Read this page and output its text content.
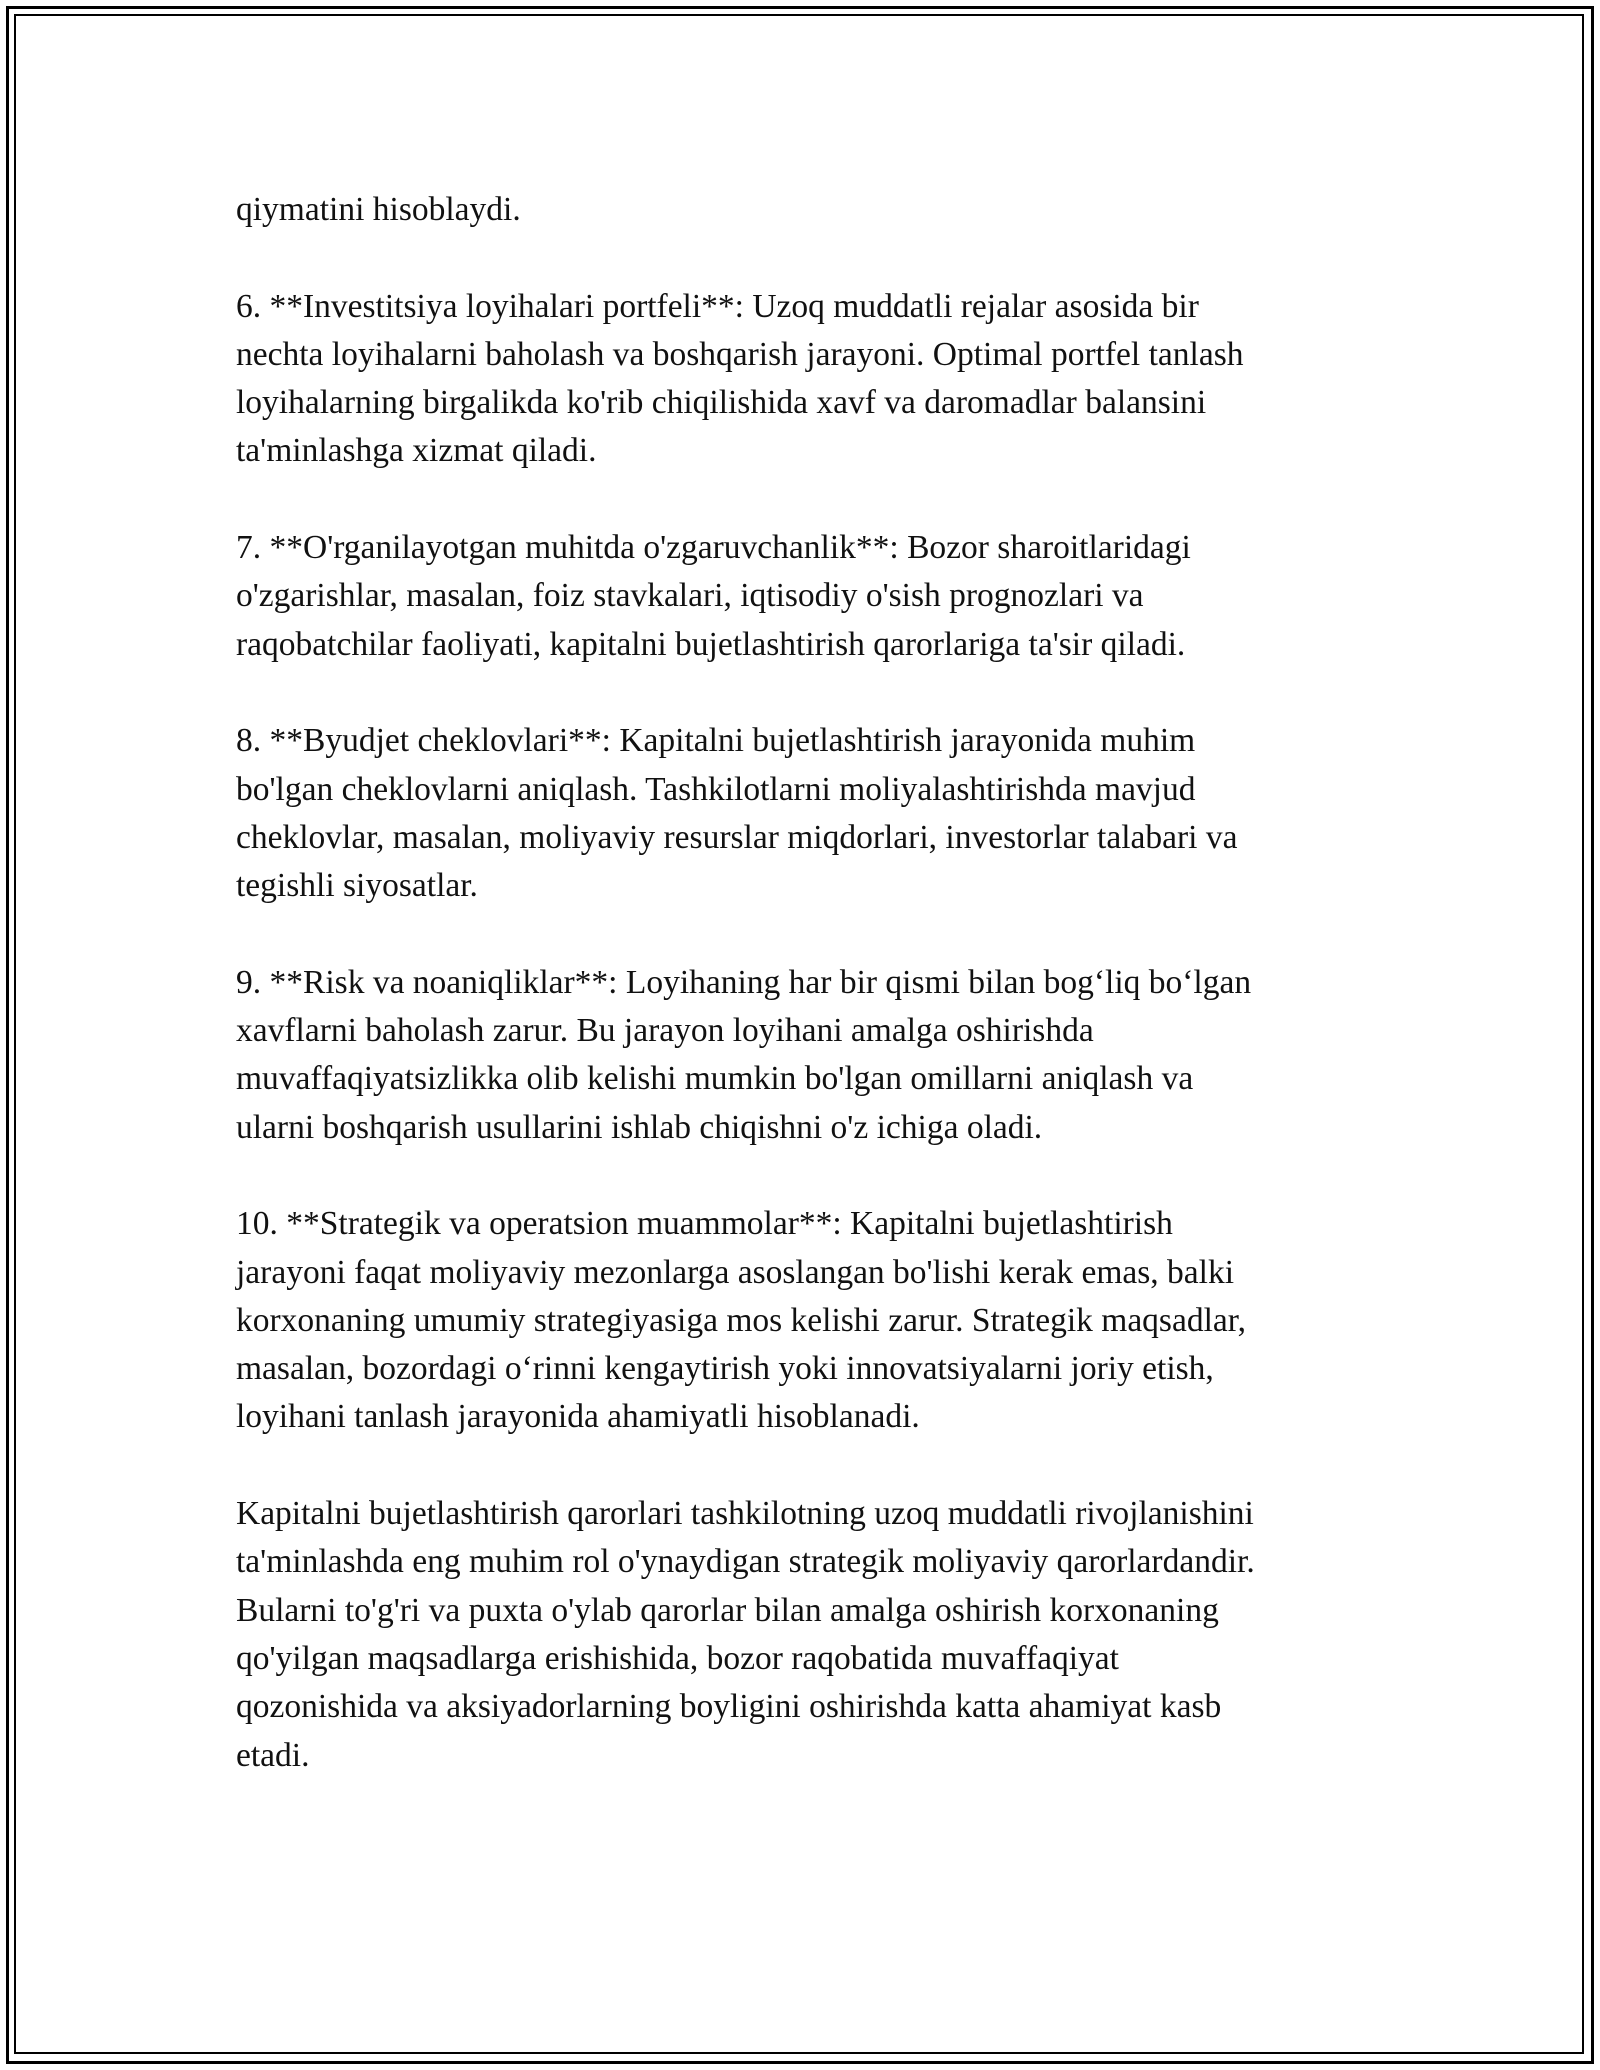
qiymatini hisoblaydi.

6. **Investitsiya loyihalari portfeli**: Uzoq muddatli rejalar asosida bir
nechta loyihalarni baholash va boshqarish jarayoni. Optimal portfel tanlash
loyihalarning birgalikda ko'rib chiqilishida xavf va daromadlar balansini
ta'minlashga xizmat qiladi.

7. **O'rganilayotgan muhitda o'zgaruvchanlik**: Bozor sharoitlaridagi
o'zgarishlar, masalan, foiz stavkalari, iqtisodiy o'sish prognozlari va
raqobatchilar faoliyati, kapitalni bujetlashtirish qarorlariga ta'sir qiladi.

8. **Byudjet cheklovlari**: Kapitalni bujetlashtirish jarayonida muhim
bo'lgan cheklovlarni aniqlash. Tashkilotlarni moliyalashtirishda mavjud
cheklovlar, masalan, moliyaviy resurslar miqdorlari, investorlar talabari va
tegishli siyosatlar.

9. **Risk va noaniqliklar**: Loyihaning har bir qismi bilan bog‘liq bo‘lgan
xavflarni baholash zarur. Bu jarayon loyihani amalga oshirishda
muvaffaqiyatsizlikka olib kelishi mumkin bo'lgan omillarni aniqlash va
ularni boshqarish usullarini ishlab chiqishni o'z ichiga oladi.

10. **Strategik va operatsion muammolar**: Kapitalni bujetlashtirish
jarayoni faqat moliyaviy mezonlarga asoslangan bo'lishi kerak emas, balki
korxonaning umumiy strategiyasiga mos kelishi zarur. Strategik maqsadlar,
masalan, bozordagi o‘rinni kengaytirish yoki innovatsiyalarni joriy etish,
loyihani tanlash jarayonida ahamiyatli hisoblanadi.

Kapitalni bujetlashtirish qarorlari tashkilotning uzoq muddatli rivojlanishini
ta'minlashda eng muhim rol o'ynaydigan strategik moliyaviy qarorlardandir.
Bularni to'g'ri va puxta o'ylab qarorlar bilan amalga oshirish korxonaning
qo'yilgan maqsadlarga erishishida, bozor raqobatida muvaffaqiyat
qozonishida va aksiyadorlarning boyligini oshirishda katta ahamiyat kasb
etadi.
